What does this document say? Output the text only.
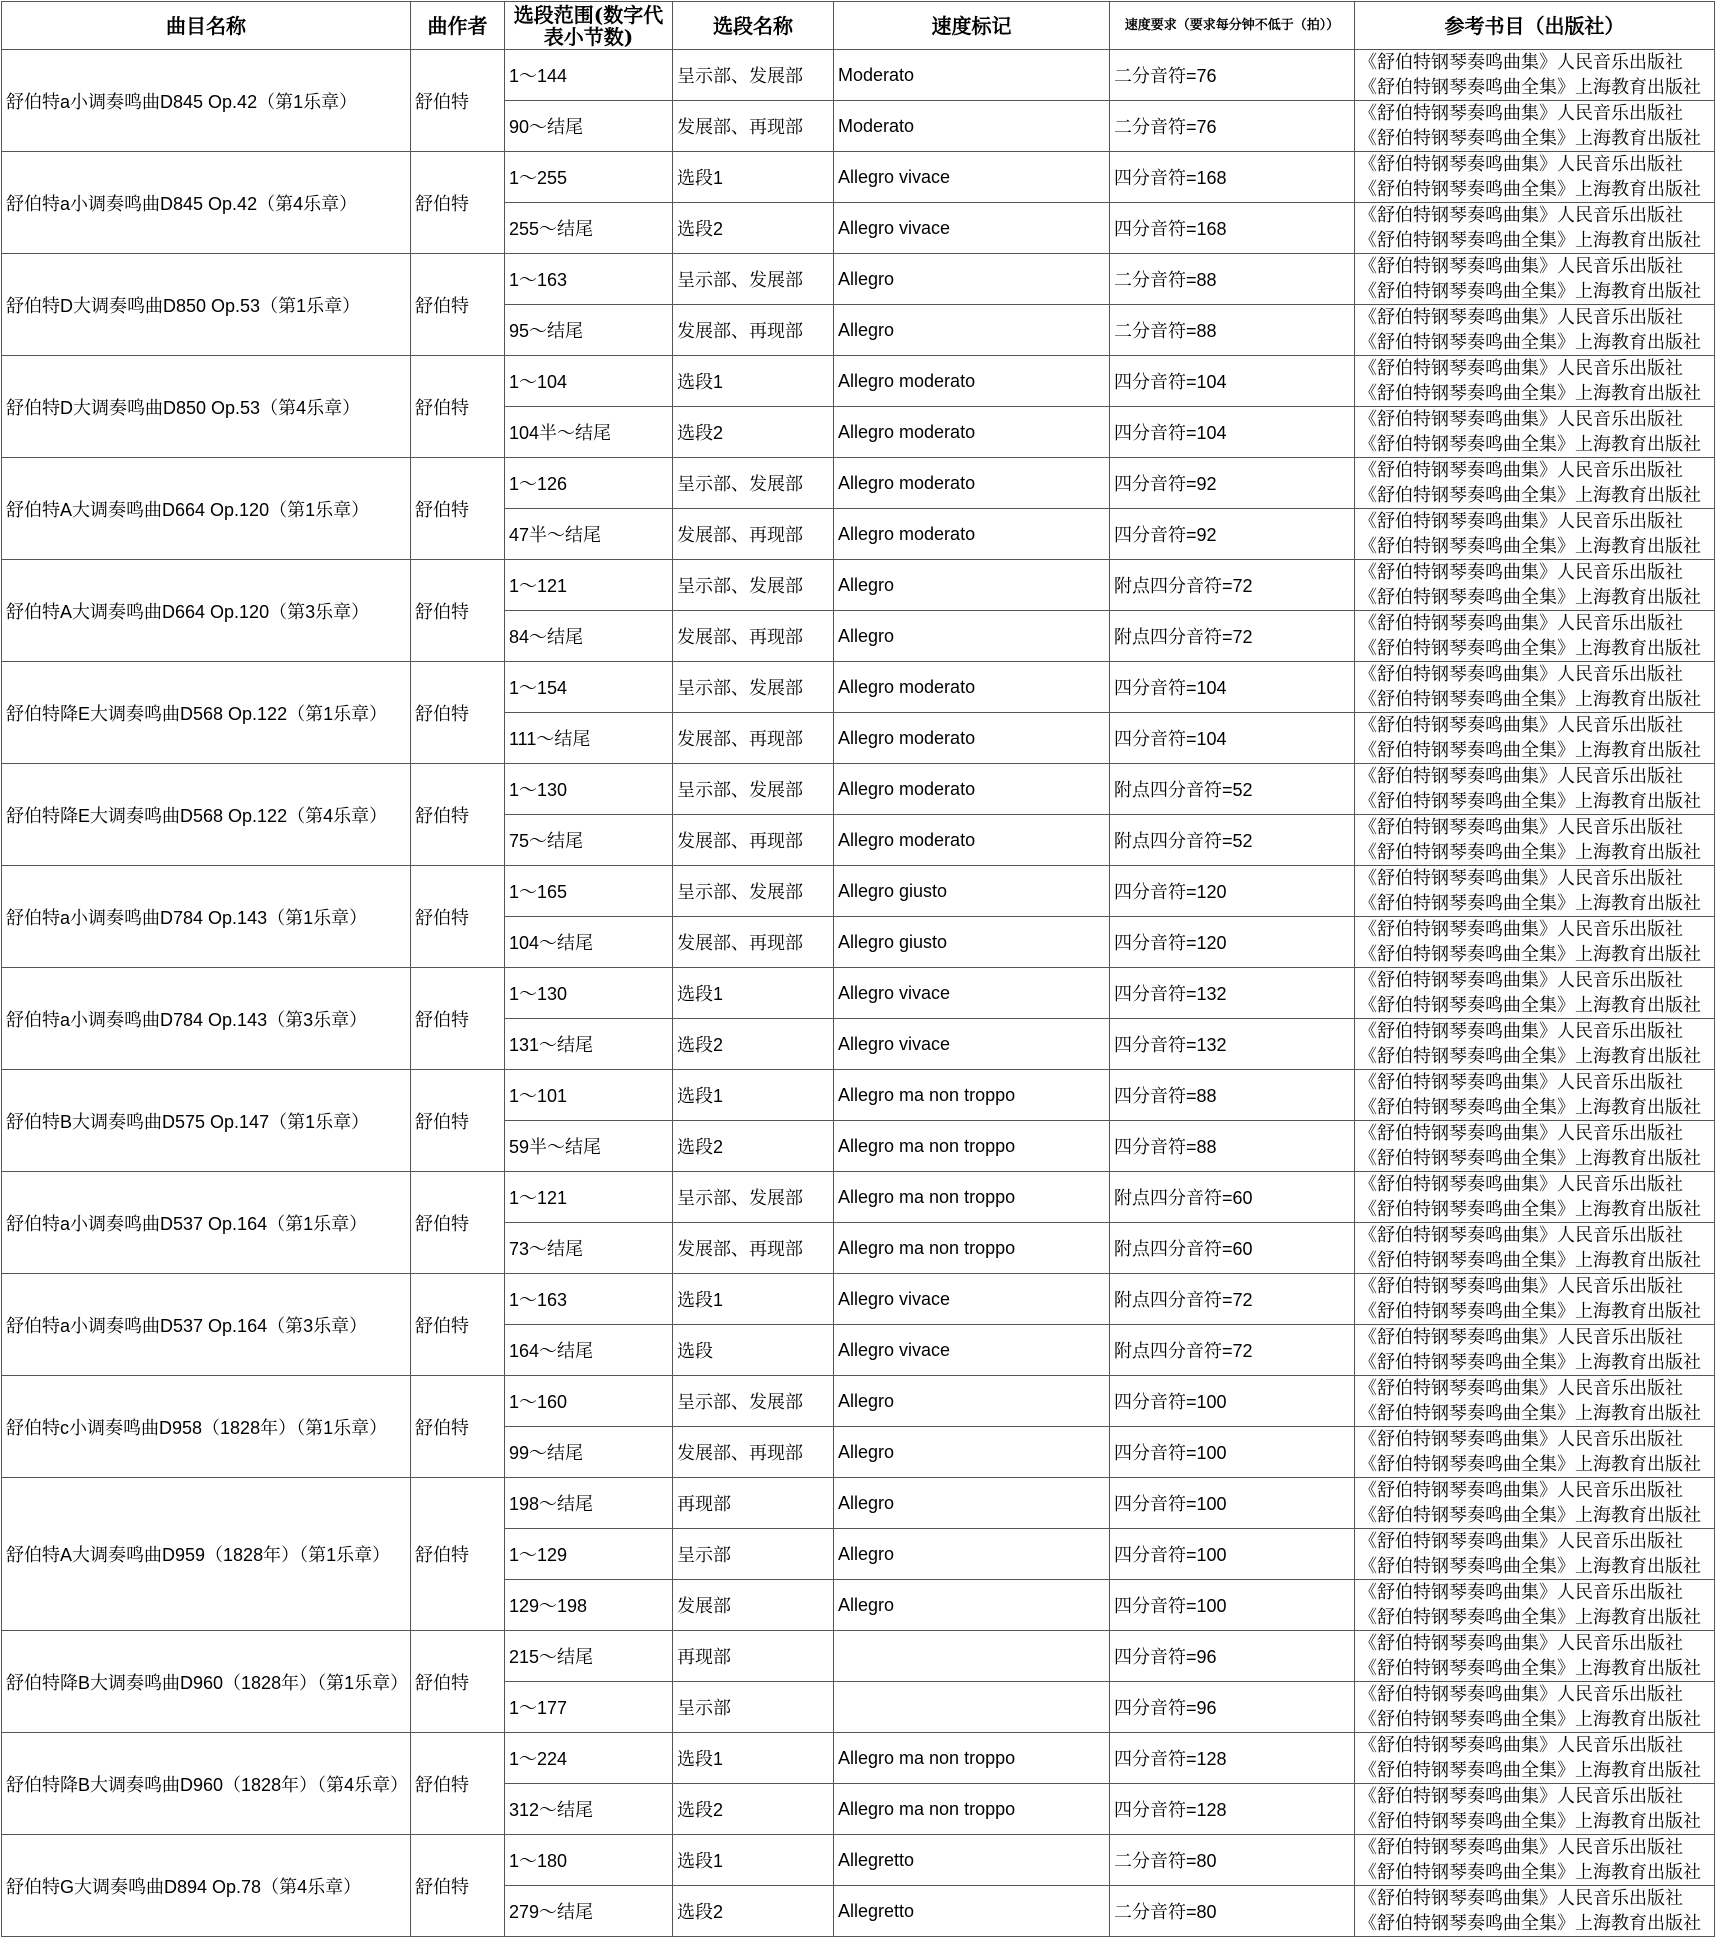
曲目名称	曲作者	选段范围(数字代表小节数)	选段名称	速度标记	速度要求（要求每分钟不低于（拍））	参考书目（出版社）
舒伯特a小调奏鸣曲D845 Op.42（第1乐章）	舒伯特	1～144	呈示部、发展部	Moderato	二分音符=76	《舒伯特钢琴奏鸣曲集》人民音乐出版社 《舒伯特钢琴奏鸣曲全集》上海教育出版社
		90～结尾	发展部、再现部	Moderato	二分音符=76	《舒伯特钢琴奏鸣曲集》人民音乐出版社 《舒伯特钢琴奏鸣曲全集》上海教育出版社
舒伯特a小调奏鸣曲D845 Op.42（第4乐章）	舒伯特	1～255	选段1	Allegro vivace	四分音符=168	《舒伯特钢琴奏鸣曲集》人民音乐出版社 《舒伯特钢琴奏鸣曲全集》上海教育出版社
		255～结尾	选段2	Allegro vivace	四分音符=168	《舒伯特钢琴奏鸣曲集》人民音乐出版社 《舒伯特钢琴奏鸣曲全集》上海教育出版社
舒伯特D大调奏鸣曲D850 Op.53（第1乐章）	舒伯特	1～163	呈示部、发展部	Allegro	二分音符=88	《舒伯特钢琴奏鸣曲集》人民音乐出版社 《舒伯特钢琴奏鸣曲全集》上海教育出版社
		95～结尾	发展部、再现部	Allegro	二分音符=88	《舒伯特钢琴奏鸣曲集》人民音乐出版社 《舒伯特钢琴奏鸣曲全集》上海教育出版社
舒伯特D大调奏鸣曲D850 Op.53（第4乐章）	舒伯特	1～104	选段1	Allegro moderato	四分音符=104	《舒伯特钢琴奏鸣曲集》人民音乐出版社 《舒伯特钢琴奏鸣曲全集》上海教育出版社
		104半～结尾	选段2	Allegro moderato	四分音符=104	《舒伯特钢琴奏鸣曲集》人民音乐出版社 《舒伯特钢琴奏鸣曲全集》上海教育出版社
舒伯特A大调奏鸣曲D664 Op.120（第1乐章）	舒伯特	1～126	呈示部、发展部	Allegro moderato	四分音符=92	《舒伯特钢琴奏鸣曲集》人民音乐出版社 《舒伯特钢琴奏鸣曲全集》上海教育出版社
		47半～结尾	发展部、再现部	Allegro moderato	四分音符=92	《舒伯特钢琴奏鸣曲集》人民音乐出版社 《舒伯特钢琴奏鸣曲全集》上海教育出版社
舒伯特A大调奏鸣曲D664 Op.120（第3乐章）	舒伯特	1～121	呈示部、发展部	Allegro	附点四分音符=72	《舒伯特钢琴奏鸣曲集》人民音乐出版社 《舒伯特钢琴奏鸣曲全集》上海教育出版社
		84～结尾	发展部、再现部	Allegro	附点四分音符=72	《舒伯特钢琴奏鸣曲集》人民音乐出版社 《舒伯特钢琴奏鸣曲全集》上海教育出版社
舒伯特降E大调奏鸣曲D568 Op.122（第1乐章）	舒伯特	1～154	呈示部、发展部	Allegro moderato	四分音符=104	《舒伯特钢琴奏鸣曲集》人民音乐出版社 《舒伯特钢琴奏鸣曲全集》上海教育出版社
		111～结尾	发展部、再现部	Allegro moderato	四分音符=104	《舒伯特钢琴奏鸣曲集》人民音乐出版社 《舒伯特钢琴奏鸣曲全集》上海教育出版社
舒伯特降E大调奏鸣曲D568 Op.122（第4乐章）	舒伯特	1～130	呈示部、发展部	Allegro moderato	附点四分音符=52	《舒伯特钢琴奏鸣曲集》人民音乐出版社 《舒伯特钢琴奏鸣曲全集》上海教育出版社
		75～结尾	发展部、再现部	Allegro moderato	附点四分音符=52	《舒伯特钢琴奏鸣曲集》人民音乐出版社 《舒伯特钢琴奏鸣曲全集》上海教育出版社
舒伯特a小调奏鸣曲D784 Op.143（第1乐章）	舒伯特	1～165	呈示部、发展部	Allegro giusto	四分音符=120	《舒伯特钢琴奏鸣曲集》人民音乐出版社 《舒伯特钢琴奏鸣曲全集》上海教育出版社
		104～结尾	发展部、再现部	Allegro giusto	四分音符=120	《舒伯特钢琴奏鸣曲集》人民音乐出版社 《舒伯特钢琴奏鸣曲全集》上海教育出版社
舒伯特a小调奏鸣曲D784 Op.143（第3乐章）	舒伯特	1～130	选段1	Allegro vivace	四分音符=132	《舒伯特钢琴奏鸣曲集》人民音乐出版社 《舒伯特钢琴奏鸣曲全集》上海教育出版社
		131～结尾	选段2	Allegro vivace	四分音符=132	《舒伯特钢琴奏鸣曲集》人民音乐出版社 《舒伯特钢琴奏鸣曲全集》上海教育出版社
舒伯特B大调奏鸣曲D575 Op.147（第1乐章）	舒伯特	1～101	选段1	Allegro ma non troppo	四分音符=88	《舒伯特钢琴奏鸣曲集》人民音乐出版社 《舒伯特钢琴奏鸣曲全集》上海教育出版社
		59半～结尾	选段2	Allegro ma non troppo	四分音符=88	《舒伯特钢琴奏鸣曲集》人民音乐出版社 《舒伯特钢琴奏鸣曲全集》上海教育出版社
舒伯特a小调奏鸣曲D537 Op.164（第1乐章）	舒伯特	1～121	呈示部、发展部	Allegro ma non troppo	附点四分音符=60	《舒伯特钢琴奏鸣曲集》人民音乐出版社 《舒伯特钢琴奏鸣曲全集》上海教育出版社
		73～结尾	发展部、再现部	Allegro ma non troppo	附点四分音符=60	《舒伯特钢琴奏鸣曲集》人民音乐出版社 《舒伯特钢琴奏鸣曲全集》上海教育出版社
舒伯特a小调奏鸣曲D537 Op.164（第3乐章）	舒伯特	1～163	选段1	Allegro vivace	附点四分音符=72	《舒伯特钢琴奏鸣曲集》人民音乐出版社 《舒伯特钢琴奏鸣曲全集》上海教育出版社
		164～结尾	选段	Allegro vivace	附点四分音符=72	《舒伯特钢琴奏鸣曲集》人民音乐出版社 《舒伯特钢琴奏鸣曲全集》上海教育出版社
舒伯特c小调奏鸣曲D958（1828年）（第1乐章）	舒伯特	1～160	呈示部、发展部	Allegro	四分音符=100	《舒伯特钢琴奏鸣曲集》人民音乐出版社 《舒伯特钢琴奏鸣曲全集》上海教育出版社
		99～结尾	发展部、再现部	Allegro	四分音符=100	《舒伯特钢琴奏鸣曲集》人民音乐出版社 《舒伯特钢琴奏鸣曲全集》上海教育出版社
舒伯特A大调奏鸣曲D959（1828年）（第1乐章）	舒伯特	198～结尾	再现部	Allegro	四分音符=100	《舒伯特钢琴奏鸣曲集》人民音乐出版社 《舒伯特钢琴奏鸣曲全集》上海教育出版社
		1～129	呈示部	Allegro	四分音符=100	《舒伯特钢琴奏鸣曲集》人民音乐出版社 《舒伯特钢琴奏鸣曲全集》上海教育出版社
		129～198	发展部	Allegro	四分音符=100	《舒伯特钢琴奏鸣曲集》人民音乐出版社 《舒伯特钢琴奏鸣曲全集》上海教育出版社
舒伯特降B大调奏鸣曲D960（1828年）（第1乐章）	舒伯特	215～结尾	再现部		四分音符=96	《舒伯特钢琴奏鸣曲集》人民音乐出版社 《舒伯特钢琴奏鸣曲全集》上海教育出版社
		1～177	呈示部		四分音符=96	《舒伯特钢琴奏鸣曲集》人民音乐出版社 《舒伯特钢琴奏鸣曲全集》上海教育出版社
舒伯特降B大调奏鸣曲D960（1828年）（第4乐章）	舒伯特	1～224	选段1	Allegro ma non troppo	四分音符=128	《舒伯特钢琴奏鸣曲集》人民音乐出版社 《舒伯特钢琴奏鸣曲全集》上海教育出版社
		312～结尾	选段2	Allegro ma non troppo	四分音符=128	《舒伯特钢琴奏鸣曲集》人民音乐出版社 《舒伯特钢琴奏鸣曲全集》上海教育出版社
舒伯特G大调奏鸣曲D894 Op.78（第4乐章）	舒伯特	1～180	选段1	Allegretto	二分音符=80	《舒伯特钢琴奏鸣曲集》人民音乐出版社 《舒伯特钢琴奏鸣曲全集》上海教育出版社
		279～结尾	选段2	Allegretto	二分音符=80	《舒伯特钢琴奏鸣曲集》人民音乐出版社 《舒伯特钢琴奏鸣曲全集》上海教育出版社
